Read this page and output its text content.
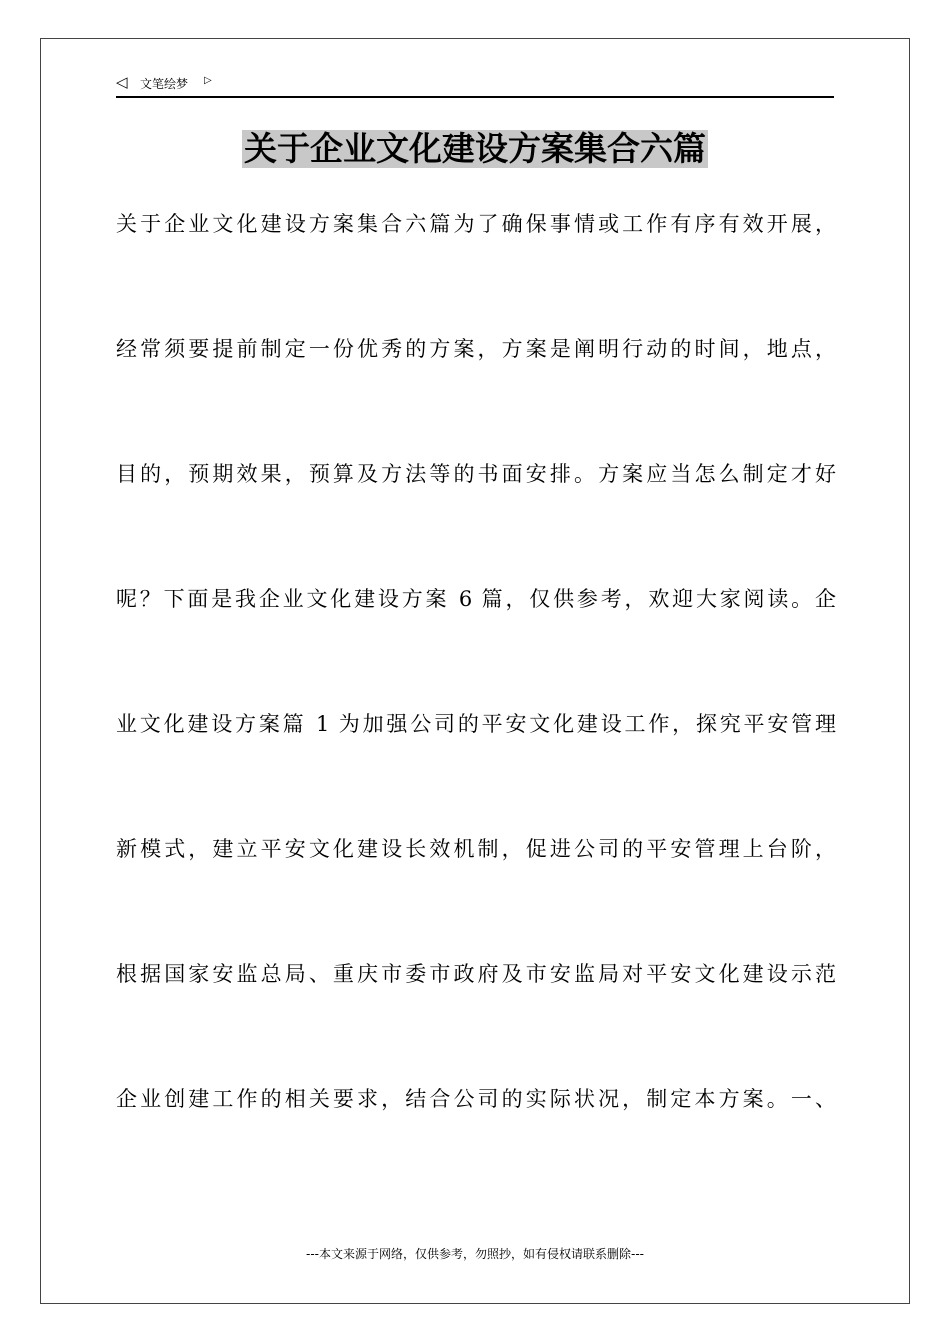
◁ 文笔绘梦 ▷
关于企业文化建设方案集合六篇
关于企业文化建设方案集合六篇为了确保事情或工作有序有效开展，
经常须要提前制定一份优秀的方案，方案是阐明行动的时间，地点，
目的，预期效果，预算及方法等的书面安排。方案应当怎么制定才好
呢？下面是我企业文化建设方案 6 篇，仅供参考，欢迎大家阅读。企
业文化建设方案篇 1 为加强公司的平安文化建设工作，探究平安管理
新模式，建立平安文化建设长效机制，促进公司的平安管理上台阶，
根据国家安监总局、重庆市委市政府及市安监局对平安文化建设示范
企业创建工作的相关要求，结合公司的实际状况，制定本方案。一、
---本文来源于网络，仅供参考，勿照抄，如有侵权请联系删除---
